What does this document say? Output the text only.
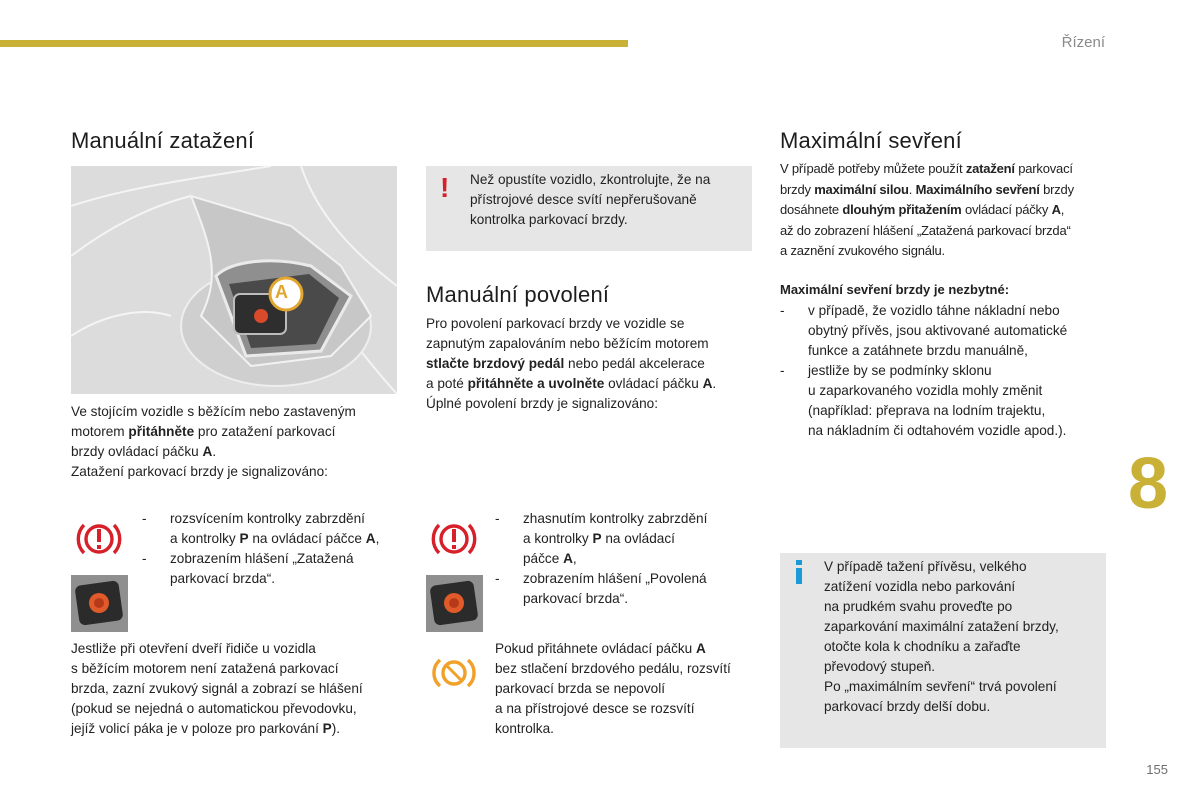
Řízení
Manuální zatažení
A
Ve stojícím vozidle s běžícím nebo zastaveným
motorem přitáhněte pro zatažení parkovací
brzdy ovládací páčku A.
Zatažení parkovací brzdy je signalizováno:
-	rozsvícením kontrolky zabrzdění
a kontrolky P na ovládací páčce A,
-	zobrazením hlášení „Zatažená
parkovací brzda“.
Jestliže při otevření dveří řidiče u vozidla
s běžícím motorem není zatažená parkovací
brzda, zazní zvukový signál a zobrazí se hlášení
(pokud se nejedná o automatickou převodovku,
jejíž volicí páka je v poloze pro parkování P).
! Než opustíte vozidlo, zkontrolujte, že na
přístrojové desce svítí nepřerušovaně
kontrolka parkovací brzdy.
Manuální povolení
Pro povolení parkovací brzdy ve vozidle se
zapnutým zapalováním nebo běžícím motorem
stlačte brzdový pedál nebo pedál akcelerace
a poté přitáhněte a uvolněte ovládací páčku A.
Úplné povolení brzdy je signalizováno:
-	zhasnutím kontrolky zabrzdění
a kontrolky P na ovládací
páčce A,
-	zobrazením hlášení „Povolená
parkovací brzda“.
Pokud přitáhnete ovládací páčku A
bez stlačení brzdového pedálu, rozsvítí
parkovací brzda se nepovolí
a na přístrojové desce se rozsvítí
kontrolka.
Maximální sevření
V případě potřeby můžete použít zatažení parkovací
brzdy maximální silou. Maximálního sevření brzdy
dosáhnete dlouhým přitažením ovládací páčky A,
až do zobrazení hlášení „Zatažená parkovací brzda“
a zaznění zvukového signálu.
Maximální sevření brzdy je nezbytné:
-	v případě, že vozidlo táhne nákladní nebo
obytný přívěs, jsou aktivované automatické
funkce a zatáhnete brzdu manuálně,
-	jestliže by se podmínky sklonu
u zaparkovaného vozidla mohly změnit
(například: přeprava na lodním trajektu,
na nákladním či odtahovém vozidle apod.).
V případě tažení přívěsu, velkého
zatížení vozidla nebo parkování
na prudkém svahu proveďte po
zaparkování maximální zatažení brzdy,
otočte kola k chodníku a zařaďte
převodový stupeň.
Po „maximálním sevření“ trvá povolení
parkovací brzdy delší dobu.
8
155
